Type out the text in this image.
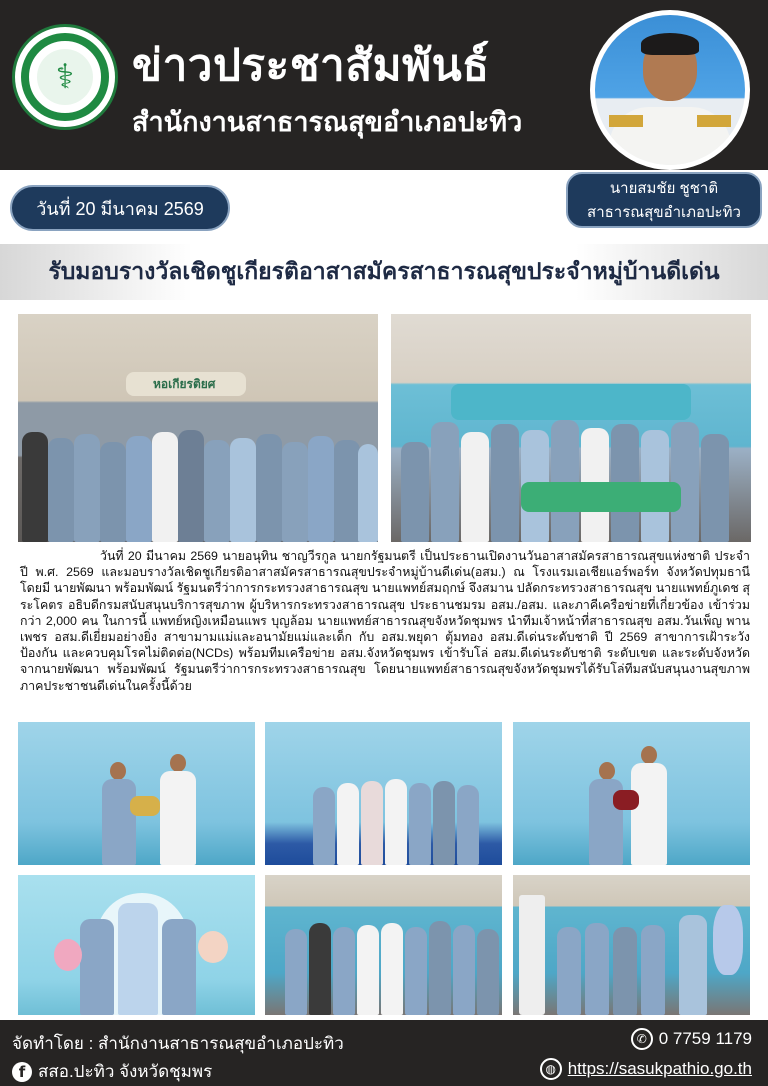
⚕	ข่าวประชาสัมพันธ์
สำนักงานสาธารณสุขอำเภอปะทิว
วันที่ 20 มีนาคม 2569
นายสมชัย ชูชาติ
สาธารณสุขอำเภอปะทิว
รับมอบรางวัลเชิดชูเกียรติอาสาสมัครสาธารณสุขประจำหมู่บ้านดีเด่น
หอเกียรติยศ

วันที่ 20 มีนาคม 2569 นายอนุทิน ชาญวีรกูล นายกรัฐมนตรี เป็นประธานเปิดงานวันอาสาสมัครสาธารณสุขแห่งชาติ ประจำปี พ.ศ. 2569 และมอบรางวัลเชิดชูเกียรติอาสาสมัครสาธารณสุขประจำหมู่บ้านดีเด่น(อสม.) ณ โรงแรมเอเชียแอร์พอร์ท จังหวัดปทุมธานี โดยมี นายพัฒนา พร้อมพัฒน์ รัฐมนตรีว่าการกระทรวงสาธารณสุข นายแพทย์สมฤกษ์ จึงสมาน ปลัดกระทรวงสาธารณสุข นายแพทย์ภูเดช สุระโคตร อธิบดีกรมสนับสนุนบริการสุขภาพ ผู้บริหารกระทรวงสาธารณสุข ประธานชมรม อสม./อสม. และภาคีเครือข่ายที่เกี่ยวข้อง เข้าร่วมกว่า 2,000 คน ในการนี้ แพทย์หญิงเหมือนแพร บุญล้อม นายแพทย์สาธารณสุขจังหวัดชุมพร นำทีมเจ้าหน้าที่สาธารณสุข อสม.วันเพ็ญ พานเพชร อสม.ดีเยี่ยมอย่างยิ่ง สาขามามแม่และอนามัยแม่และเด็ก กับ อสม.พยุดา ตุ้มทอง อสม.ดีเด่นระดับชาติ ปี 2569 สาขาการเฝ้าระวัง ป้องกัน และควบคุมโรคไม่ติดต่อ(NCDs) พร้อมทีมเครือข่าย อสม.จังหวัดชุมพร เข้ารับโล่ อสม.ดีเด่นระดับชาติ ระดับเขต และระดับจังหวัด จากนายพัฒนา พร้อมพัฒน์ รัฐมนตรีว่าการกระทรวงสาธารณสุข โดยนายแพทย์สาธารณสุขจังหวัดชุมพรได้รับโล่ทีมสนับสนุนงานสุขภาพภาคประชาชนดีเด่นในครั้งนี้ด้วย

จัดทำโดย : สำนักงานสาธารณสุขอำเภอปะทิว
f สสอ.ปะทิว จังหวัดชุมพร
✆ 0 7759 1179
◍ https://sasukpathio.go.th
